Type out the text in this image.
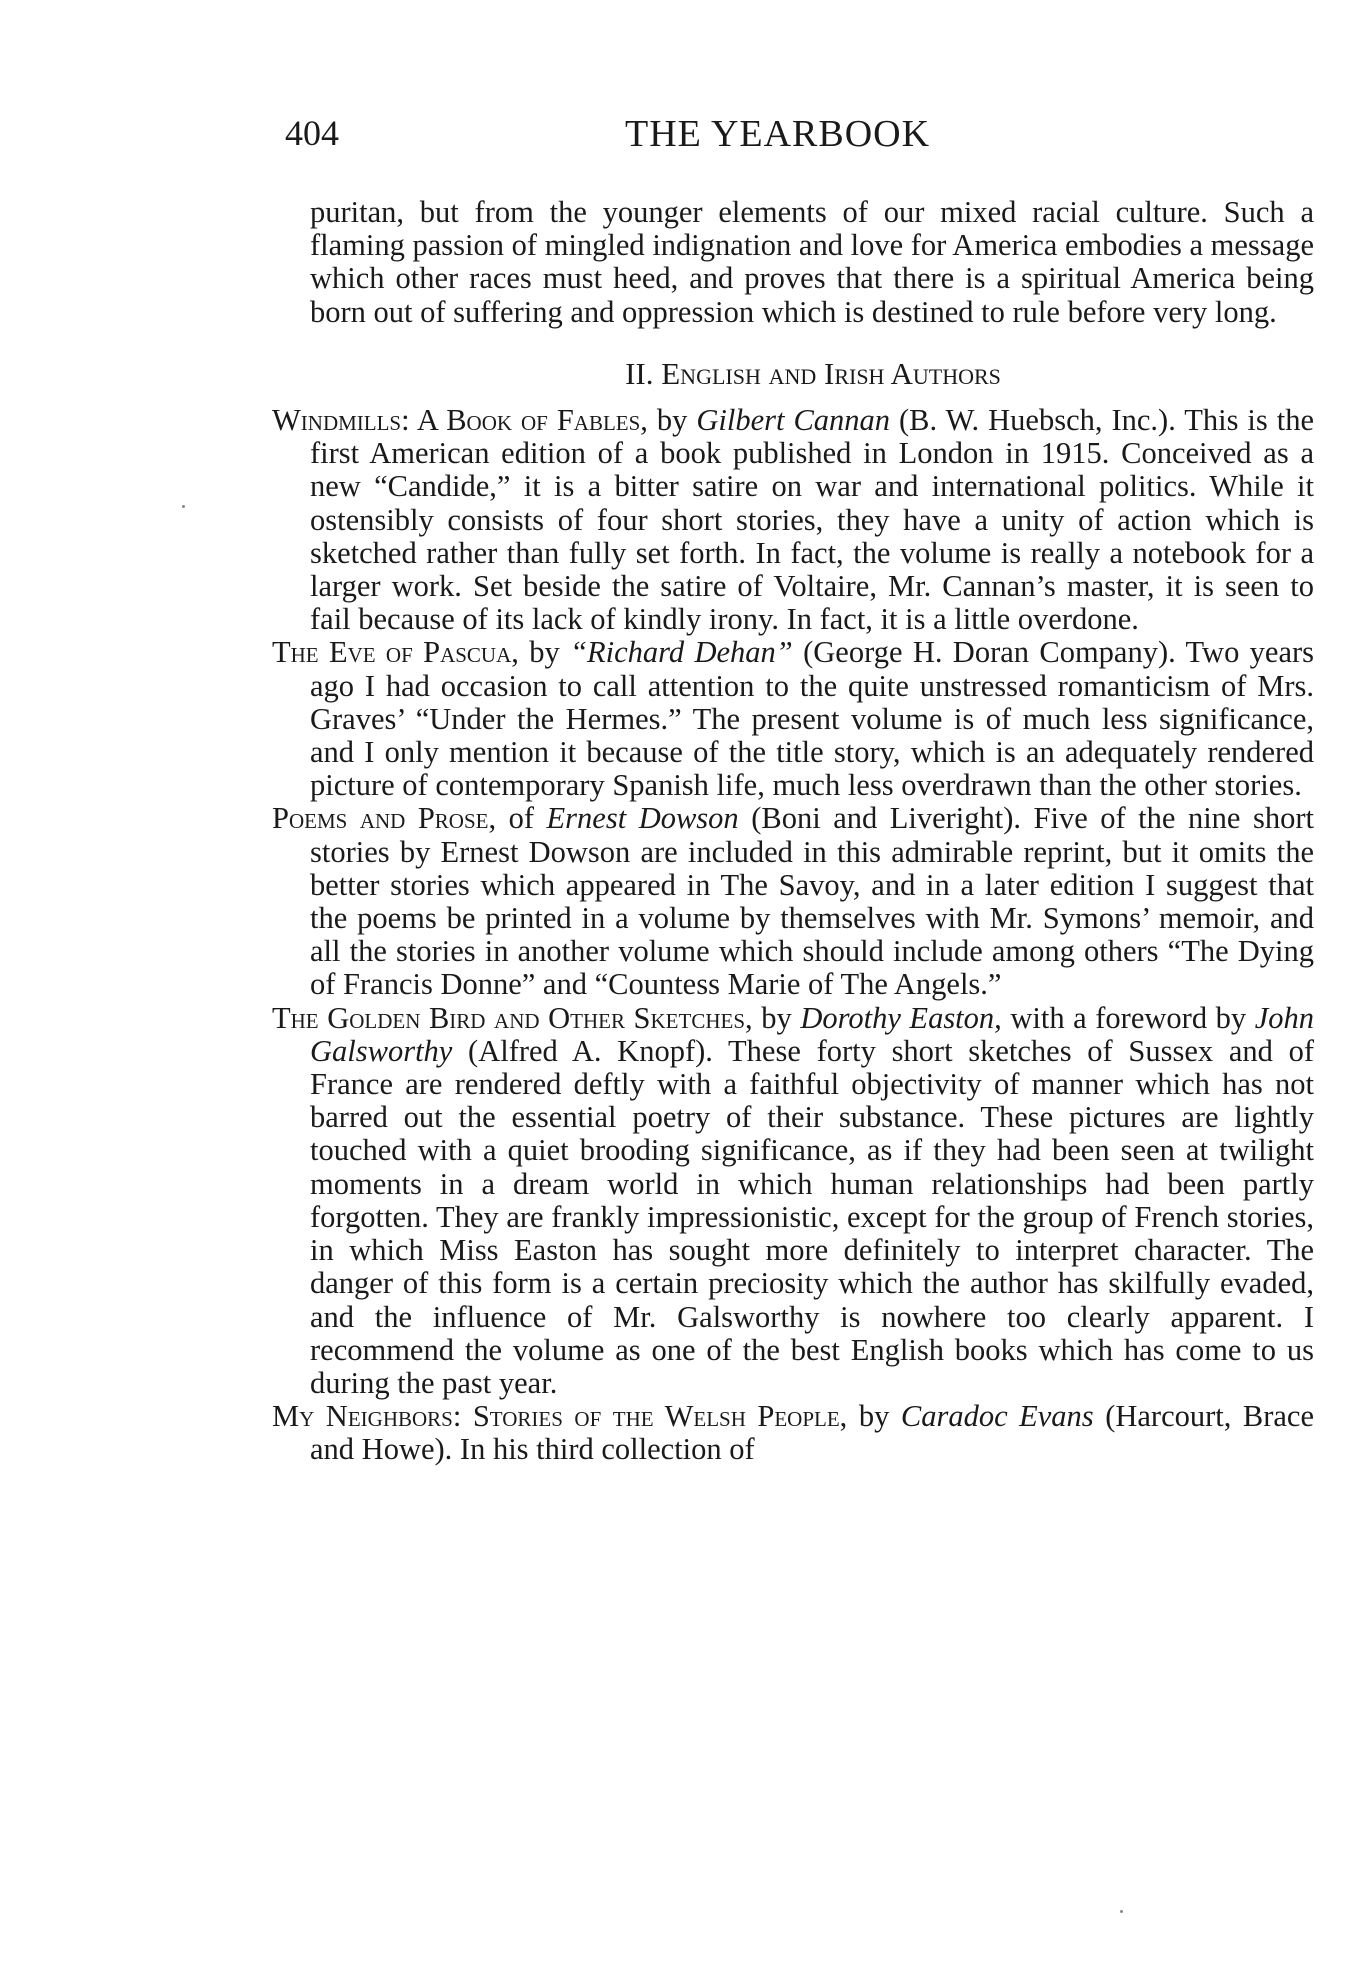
404	THE YEARBOOK

puritan, but from the younger elements of our mixed racial culture. Such a flaming passion of mingled indignation and love for America embodies a message which other races must heed, and proves that there is a spiritual America being born out of suffering and oppression which is destined to rule before very long.

II. English and Irish Authors

Windmills: A Book of Fables, by Gilbert Cannan (B. W. Huebsch, Inc.). This is the first American edition of a book published in London in 1915. Conceived as a new “Candide,” it is a bitter satire on war and international politics. While it ostensibly consists of four short stories, they have a unity of action which is sketched rather than fully set forth. In fact, the volume is really a notebook for a larger work. Set beside the satire of Voltaire, Mr. Cannan’s master, it is seen to fail because of its lack of kindly irony. In fact, it is a little overdone.

The Eve of Pascua, by “Richard Dehan” (George H. Doran Company). Two years ago I had occasion to call attention to the quite unstressed romanticism of Mrs. Graves’ “Under the Hermes.” The present volume is of much less significance, and I only mention it because of the title story, which is an adequately rendered picture of contemporary Spanish life, much less overdrawn than the other stories.

Poems and Prose, of Ernest Dowson (Boni and Liveright). Five of the nine short stories by Ernest Dowson are included in this admirable reprint, but it omits the better stories which appeared in The Savoy, and in a later edition I suggest that the poems be printed in a volume by themselves with Mr. Symons’ memoir, and all the stories in another volume which should include among others “The Dying of Francis Donne” and “Countess Marie of The Angels.”

The Golden Bird and Other Sketches, by Dorothy Easton, with a foreword by John Galsworthy (Alfred A. Knopf). These forty short sketches of Sussex and of France are rendered deftly with a faithful objectivity of manner which has not barred out the essential poetry of their substance. These pictures are lightly touched with a quiet brooding significance, as if they had been seen at twilight moments in a dream world in which human relationships had been partly forgotten. They are frankly impressionistic, except for the group of French stories, in which Miss Easton has sought more definitely to interpret character. The danger of this form is a certain preciosity which the author has skilfully evaded, and the influence of Mr. Galsworthy is nowhere too clearly apparent. I recommend the volume as one of the best English books which has come to us during the past year.

My Neighbors: Stories of the Welsh People, by Caradoc Evans (Harcourt, Brace and Howe). In his third collection of
